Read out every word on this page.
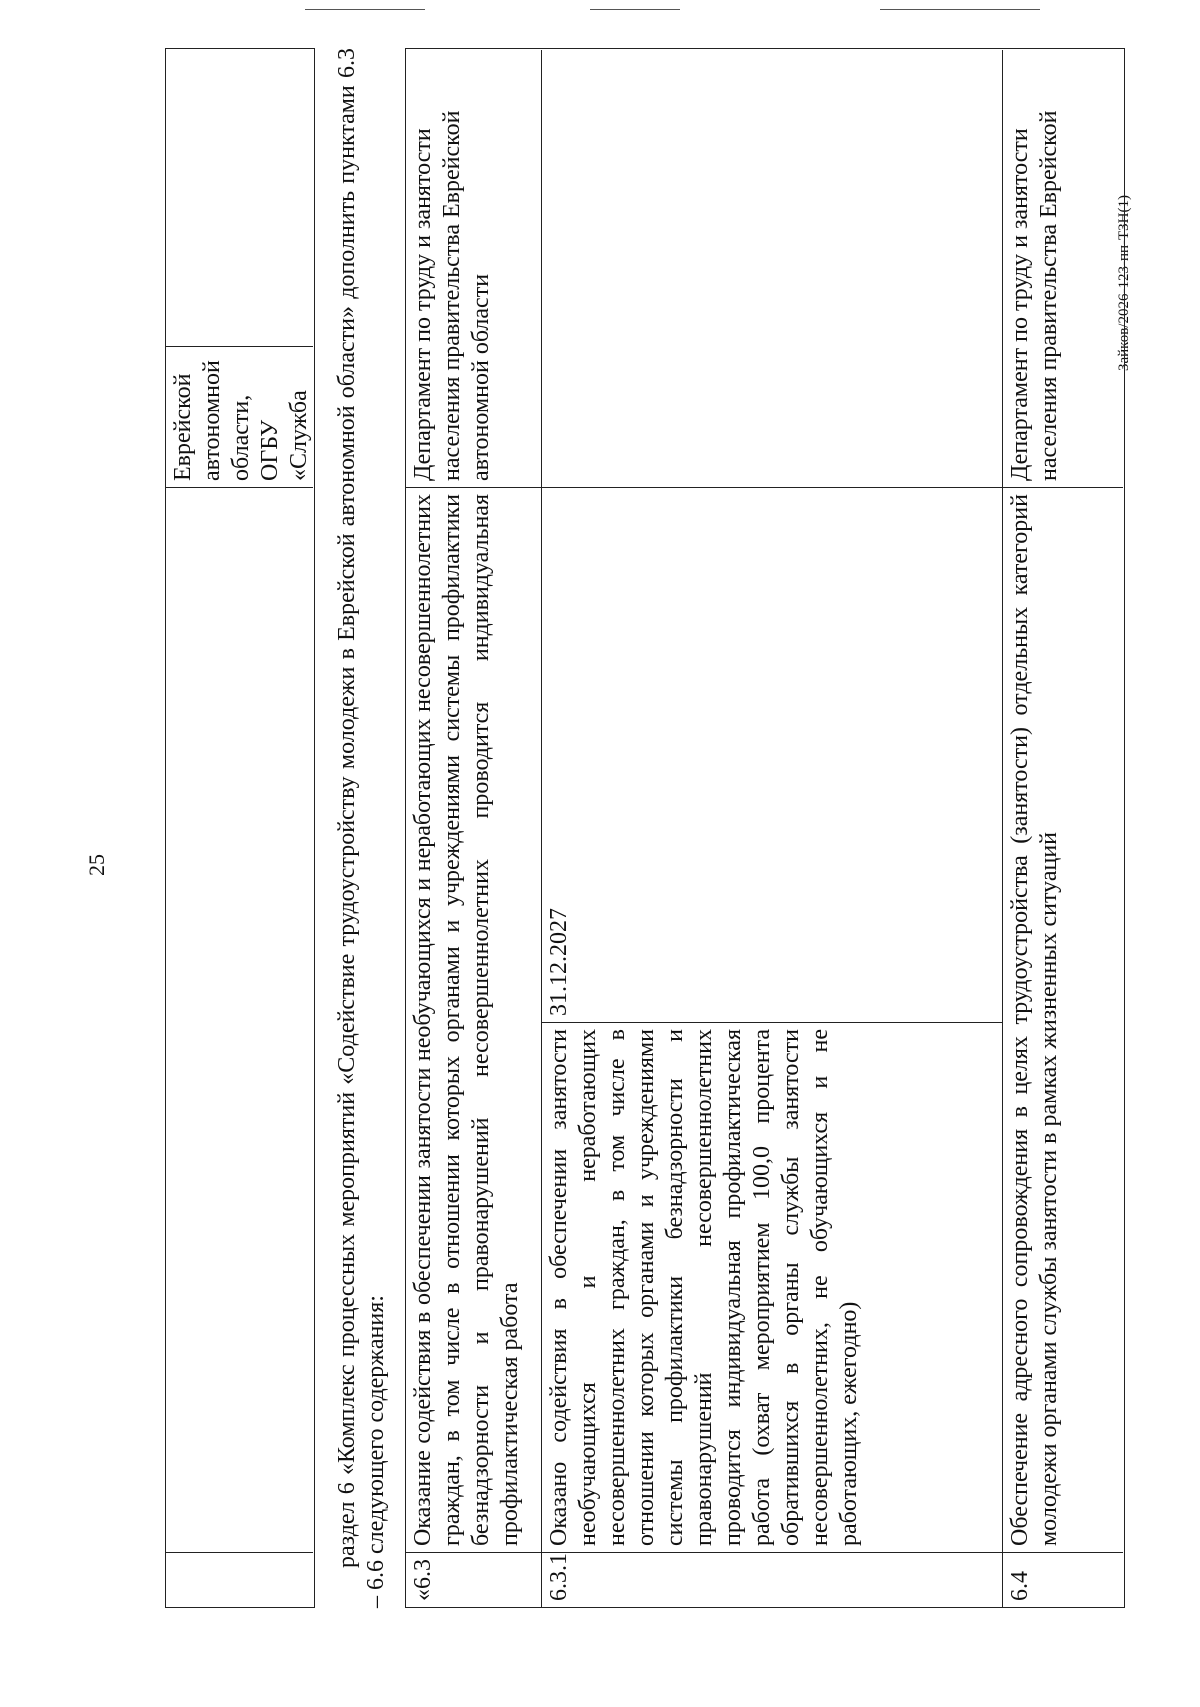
25
Зайков/2026-123-пп-ТЗН(1)
Еврейской автономной области, ОГБУ «Служба раздел 6 «Комплекс процессных мероприятий «Содействие трудоустройству молодежи в Еврейской автономной области» дополнить пунктами 6.3 – 6.6 следующего содержания: «6.3
Оказание содействия в обеспечении занятости необучающихся и неработающих несовершеннолетних граждан, в том числе в отношении которых органами и учреждениями системы профилактики безнадзорности и правонарушений несовершеннолетних проводится индивидуальная профилактическая работа
Департамент по труду и занятости населения правительства Еврейской автономной области
6.3.1
Оказано содействия в обеспечении занятости необучающихся и неработающих несовершеннолетних граждан, в том числе в отношении которых органами и учреждениями системы профилактики безнадзорности и правонарушений несовершеннолетних проводится индивидуальная профилактическая работа (охват мероприятием 100,0 процента обратившихся в органы службы занятости несовершеннолетних, не обучающихся и не работающих, ежегодно)
31.12.2027
6.4
Обеспечение адресного сопровождения в целях трудоустройства (занятости) отдельных категорий молодежи органами службы занятости в рамках жизненных ситуаций
Департамент по труду и занятости населения правительства Еврейской
